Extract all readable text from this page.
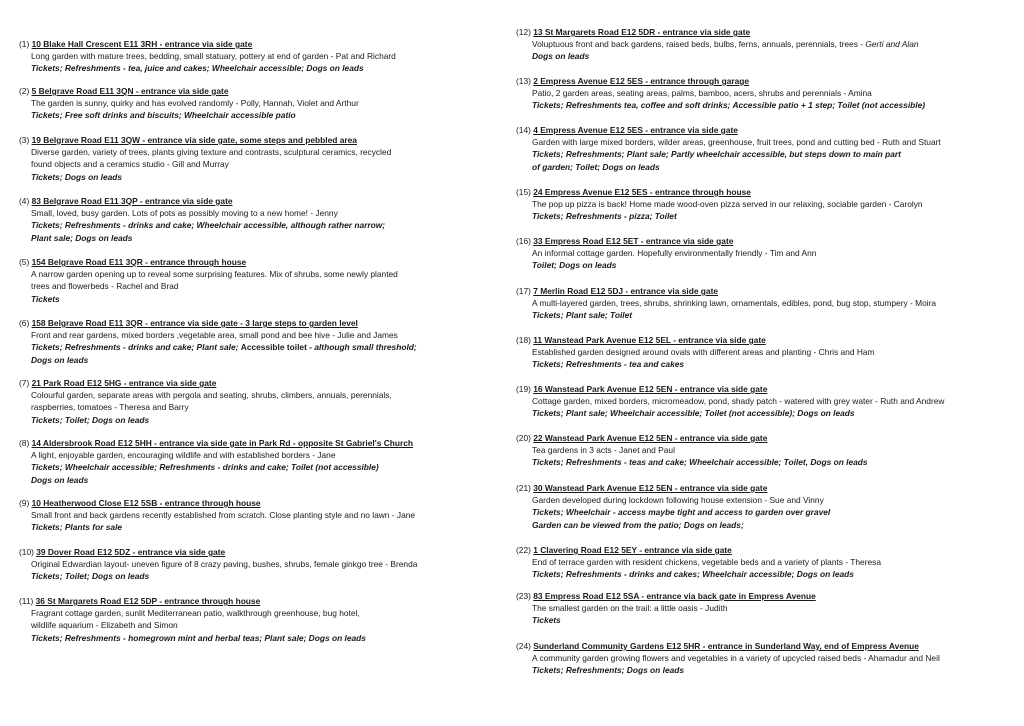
(1) 10 Blake Hall Crescent E11 3RH - entrance via side gate
Long garden with mature trees, bedding, small statuary, pottery at end of garden - Pat and Richard
Tickets; Refreshments - tea, juice and cakes; Wheelchair accessible; Dogs on leads
(2) 5 Belgrave Road E11 3QN - entrance via side gate
The garden is sunny, quirky and has evolved randomly - Polly, Hannah, Violet and Arthur
Tickets; Free soft drinks and biscuits; Wheelchair accessible patio
(3) 19 Belgrave Road E11 3QW - entrance via side gate, some steps and pebbled area
Diverse garden, variety of trees, plants giving texture and contrasts, sculptural ceramics, recycled
found objects and a ceramics studio - Gill and Murray
Tickets; Dogs on leads
(4) 83 Belgrave Road E11 3QP - entrance via side gate
Small, loved, busy garden. Lots of pots as possibly moving to a new home! - Jenny
Tickets; Refreshments - drinks and cake; Wheelchair accessible, although rather narrow;
Plant sale; Dogs on leads
(5) 154 Belgrave Road E11 3QR - entrance through house
A narrow garden opening up to reveal some surprising features. Mix of shrubs, some newly planted
trees and flowerbeds - Rachel and Brad
Tickets
(6) 158 Belgrave Road E11 3QR - entrance via side gate - 3 large steps to garden level
Front and rear gardens, mixed borders ,vegetable area, small pond and bee hive - Julie and James
Tickets; Refreshments - drinks and cake; Plant sale; Accessible toilet - although small threshold;
Dogs on leads
(7) 21 Park Road E12 5HG - entrance via side gate
Colourful garden, separate areas with pergola and seating, shrubs, climbers, annuals, perennials,
raspberries, tomatoes - Theresa and Barry
Tickets; Toilet; Dogs on leads
(8) 14 Aldersbrook Road E12 5HH - entrance via side gate in Park Rd - opposite St Gabriel's Church
A light, enjoyable garden, encouraging wildlife and with established borders - Jane
Tickets; Wheelchair accessible; Refreshments - drinks and cake; Toilet (not accessible)
Dogs on leads
(9) 10 Heatherwood Close E12 5SB - entrance through house
Small front and back gardens recently established from scratch. Close planting style and no lawn - Jane
Tickets; Plants for sale
(10) 39 Dover Road E12 5DZ - entrance via side gate
Original Edwardian layout- uneven figure of 8 crazy paving, bushes, shrubs, female ginkgo tree - Brenda
Tickets; Toilet; Dogs on leads
(11) 36 St Margarets Road E12 5DP - entrance through house
Fragrant cottage garden, sunlit Mediterranean patio, walkthrough greenhouse, bug hotel,
wildlife aquarium - Elizabeth and Simon
Tickets; Refreshments - homegrown mint and herbal teas; Plant sale; Dogs on leads
(12) 13 St Margarets Road E12 5DR - entrance via side gate
Voluptuous front and back gardens, raised beds, bulbs, ferns, annuals, perennials, trees - Gerti and Alan
Dogs on leads
(13) 2 Empress Avenue E12 5ES - entrance through garage
Patio, 2 garden areas, seating areas, palms, bamboo, acers, shrubs and perennials - Amina
Tickets; Refreshments tea, coffee and soft drinks; Accessible patio + 1 step; Toilet (not accessible)
(14) 4 Empress Avenue E12 5ES - entrance via side gate
Garden with large mixed borders, wilder areas, greenhouse, fruit trees, pond and cutting bed - Ruth and Stuart
Tickets; Refreshments; Plant sale; Partly wheelchair accessible, but steps down to main part
of garden; Toilet; Dogs on leads
(15) 24 Empress Avenue E12 5ES - entrance through house
The pop up pizza is back! Home made wood-oven pizza served in our relaxing, sociable garden - Carolyn
Tickets; Refreshments - pizza; Toilet
(16) 33 Empress Road E12 5ET - entrance via side gate
An informal cottage garden. Hopefully environmentally friendly - Tim and Ann
Toilet; Dogs on leads
(17) 7 Merlin Road E12 5DJ - entrance via side gate
A multi-layered garden, trees, shrubs, shrinking lawn, ornamentals, edibles, pond, bug stop, stumpery - Moira
Tickets; Plant sale; Toilet
(18) 11 Wanstead Park Avenue E12 5EL - entrance via side gate
Established garden designed around ovals with different areas and planting - Chris and Ham
Tickets; Refreshments - tea and cakes
(19) 16 Wanstead Park Avenue E12 5EN - entrance via side gate
Cottage garden, mixed borders, micromeadow, pond, shady patch - watered with grey water - Ruth and Andrew
Tickets; Plant sale; Wheelchair accessible; Toilet (not accessible); Dogs on leads
(20) 22 Wanstead Park Avenue E12 5EN - entrance via side gate
Tea gardens in 3 acts - Janet and Paul
Tickets; Refreshments - teas and cake; Wheelchair accessible; Toilet, Dogs on leads
(21) 30 Wanstead Park Avenue E12 5EN - entrance via side gate
Garden developed during lockdown following house extension - Sue and Vinny
Tickets; Wheelchair - access maybe tight and access to garden over gravel
Garden can be viewed from the patio; Dogs on leads;
(22) 1 Clavering Road E12 5EY - entrance via side gate
End of terrace garden with resident chickens, vegetable beds and a variety of plants - Theresa
Tickets; Refreshments - drinks and cakes; Wheelchair accessible; Dogs on leads
(23) 83 Empress Road E12 5SA - entrance via back gate in Empress Avenue
The smallest garden on the trail: a little oasis - Judith
Tickets
(24) Sunderland Community Gardens E12 5HR - entrance in Sunderland Way, end of Empress Avenue
A community garden growing flowers and vegetables in a variety of upcycled raised beds - Ahamadur and Neil
Tickets; Refreshments; Dogs on leads
